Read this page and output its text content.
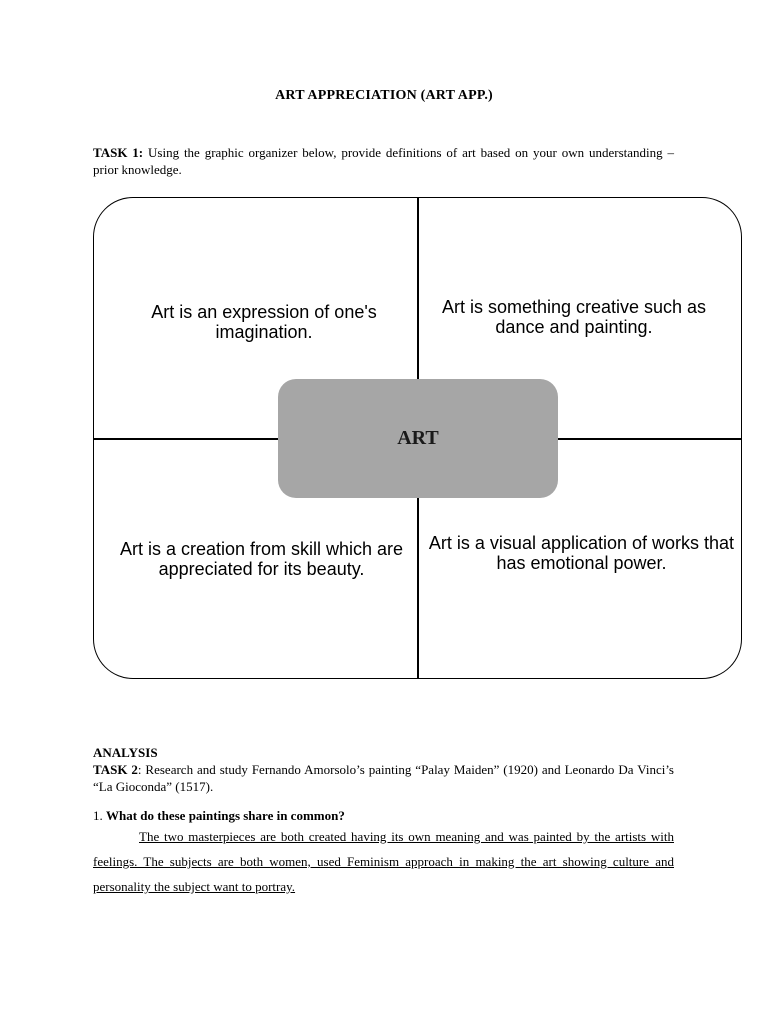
ART APPRECIATION (ART APP.)
TASK 1: Using the graphic organizer below, provide definitions of art based on your own understanding – prior knowledge.
Art is an expression of one's imagination.
Art is something creative such as dance and painting.
Art is a creation from skill which are appreciated for its beauty.
Art is a visual application of works that has emotional power.
ART
ANALYSIS
TASK 2: Research and study Fernando Amorsolo’s painting “Palay Maiden” (1920) and Leonardo Da Vinci’s “La Gioconda” (1517).
1. What do these paintings share in common?
The two masterpieces are both created having its own meaning and was painted by the artists with feelings. The subjects are both women, used Feminism approach in making the art showing culture and personality the subject want to portray.
